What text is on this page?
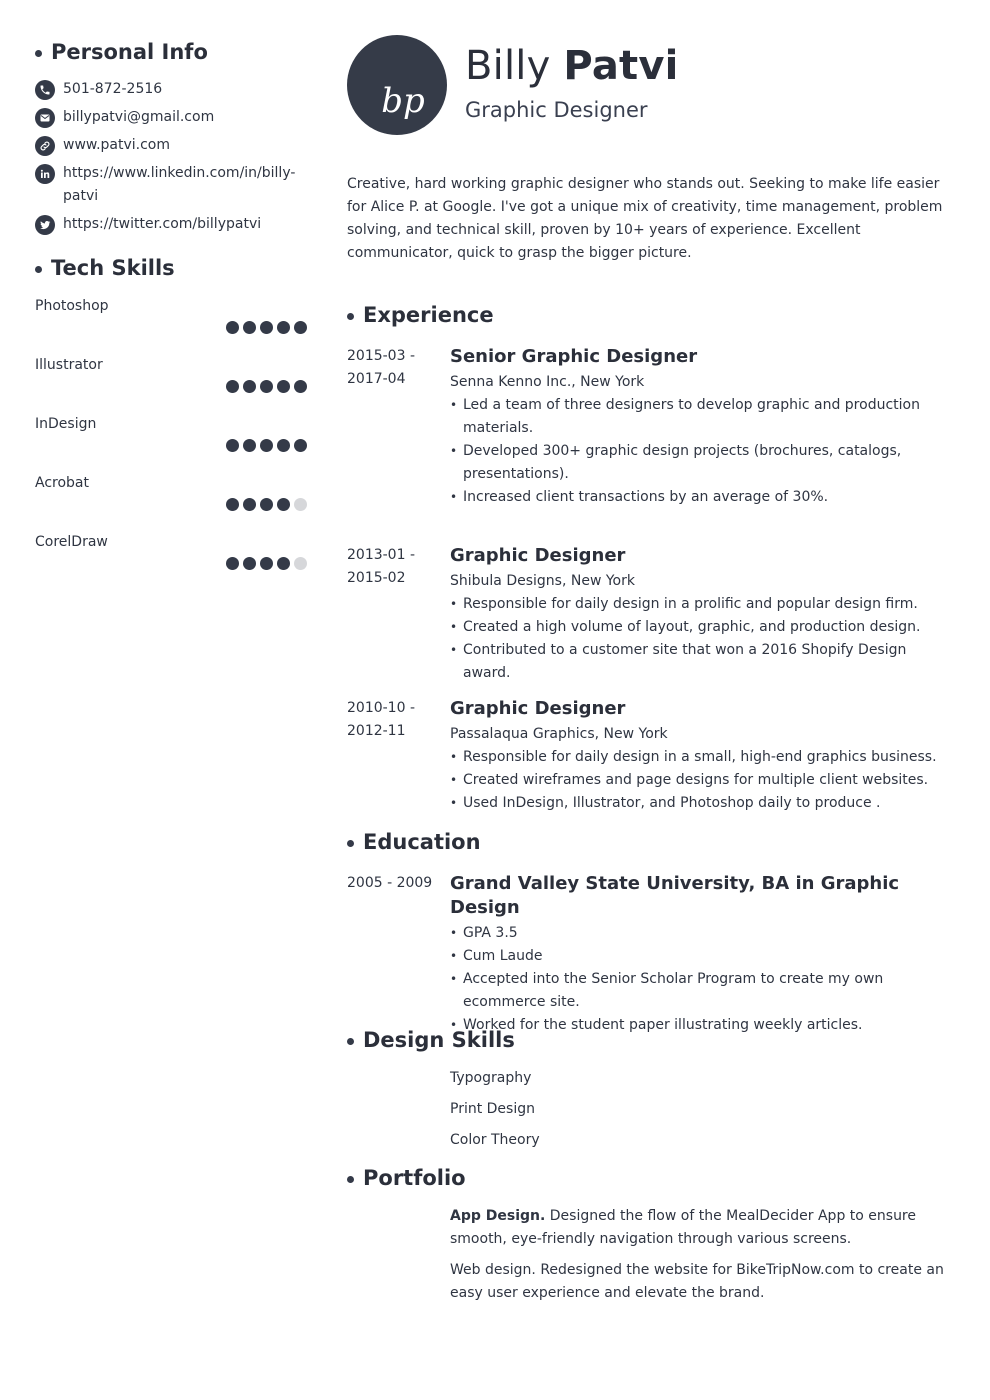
Personal Info
501-872-2516
billypatvi@gmail.com
www.patvi.com
https://www.linkedin.com/in/billy-patvi
https://twitter.com/billypatvi
Tech Skills
Photoshop
Illustrator
InDesign
Acrobat
CorelDraw
bp
Billy Patvi
Graphic Designer

Creative, hard working graphic designer who stands out. Seeking to make life easier for Alice P. at Google. I've got a unique mix of creativity, time management, problem solving, and technical skill, proven by 10+ years of experience. Excellent communicator, quick to grasp the bigger picture.

Experience
2015-03 - 2017-04
Senior Graphic Designer
Senna Kenno Inc., New York
• Led a team of three designers to develop graphic and production materials.
• Developed 300+ graphic design projects (brochures, catalogs, presentations).
• Increased client transactions by an average of 30%.
2013-01 - 2015-02
Graphic Designer
Shibula Designs, New York
• Responsible for daily design in a prolific and popular design firm.
• Created a high volume of layout, graphic, and production design.
• Contributed to a customer site that won a 2016 Shopify Design award.
2010-10 - 2012-11
Graphic Designer
Passalaqua Graphics, New York
• Responsible for daily design in a small, high-end graphics business.
• Created wireframes and page designs for multiple client websites.
• Used InDesign, Illustrator, and Photoshop daily to produce .
Education
2005 - 2009 Grand Valley State University, BA in Graphic Design
• GPA 3.5
• Cum Laude
• Accepted into the Senior Scholar Program to create my own ecommerce site.
• Worked for the student paper illustrating weekly articles.
Design Skills
Typography
Print Design
Color Theory
Portfolio

App Design. Designed the flow of the MealDecider App to ensure smooth, eye-friendly navigation through various screens.

Web design. Redesigned the website for BikeTripNow.com to create an easy user experience and elevate the brand.
